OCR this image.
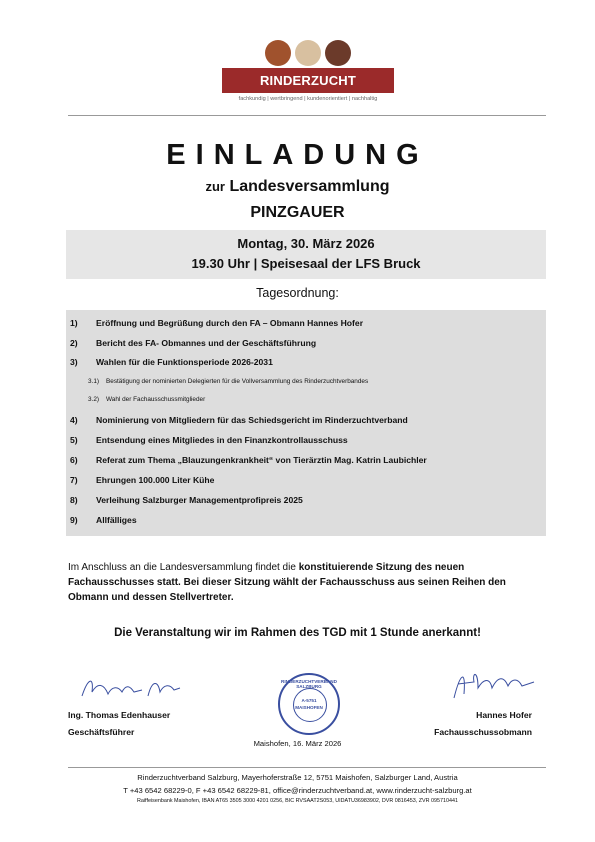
RINDERZUCHT SALZBURG
fachkundig | wertbringend | kundenorientiert | nachhaltig
EINLADUNG
zur Landesversammlung
PINZGAUER
Montag, 30. März 2026
19.30 Uhr | Speisesaal der LFS Bruck
Tagesordnung:
1)	Eröffnung und Begrüßung durch den FA – Obmann Hannes Hofer
2)	Bericht des FA- Obmannes und der Geschäftsführung
3)	Wahlen für die Funktionsperiode 2026-2031
3.1)	Bestätigung der nominierten Delegierten für die Vollversammlung des Rinderzuchtverbandes
3.2)	Wahl der Fachausschussmitglieder
4)	Nominierung von Mitgliedern für das Schiedsgericht im Rinderzuchtverband
5)	Entsendung eines Mitgliedes in den Finanzkontrollausschuss
6)	Referat zum Thema „Blauzungenkrankheit“ von Tierärztin Mag. Katrin Laubichler
7)	Ehrungen 100.000 Liter Kühe
8)	Verleihung Salzburger Managementprofipreis 2025
9)	Allfälliges
Im Anschluss an die Landesversammlung findet die konstituierende Sitzung des neuen
Fachausschusses statt. Bei dieser Sitzung wählt der Fachausschuss aus seinen Reihen den
Obmann und dessen Stellvertreter.
Die Veranstaltung wir im Rahmen des TGD mit 1 Stunde anerkannt!
Ing. Thomas Edenhauser
Geschäftsführer
Hannes Hofer
Fachausschussobmann
RINDERZUCHTVERBAND SALZBURG
A-5751
MAISHOFEN
Maishofen, 16. März 2026
Rinderzuchtverband Salzburg, Mayerhoferstraße 12, 5751 Maishofen, Salzburger Land, Austria
T +43 6542 68229-0, F +43 6542 68229-81, office@rinderzuchtverband.at, www.rinderzucht-salzburg.at
Raiffeisenbank Maishofen, IBAN AT65 3505 3000 4201 0256, BIC RVSAAT2S053, UIDATU36983902, DVR 0816453, ZVR 095710441
